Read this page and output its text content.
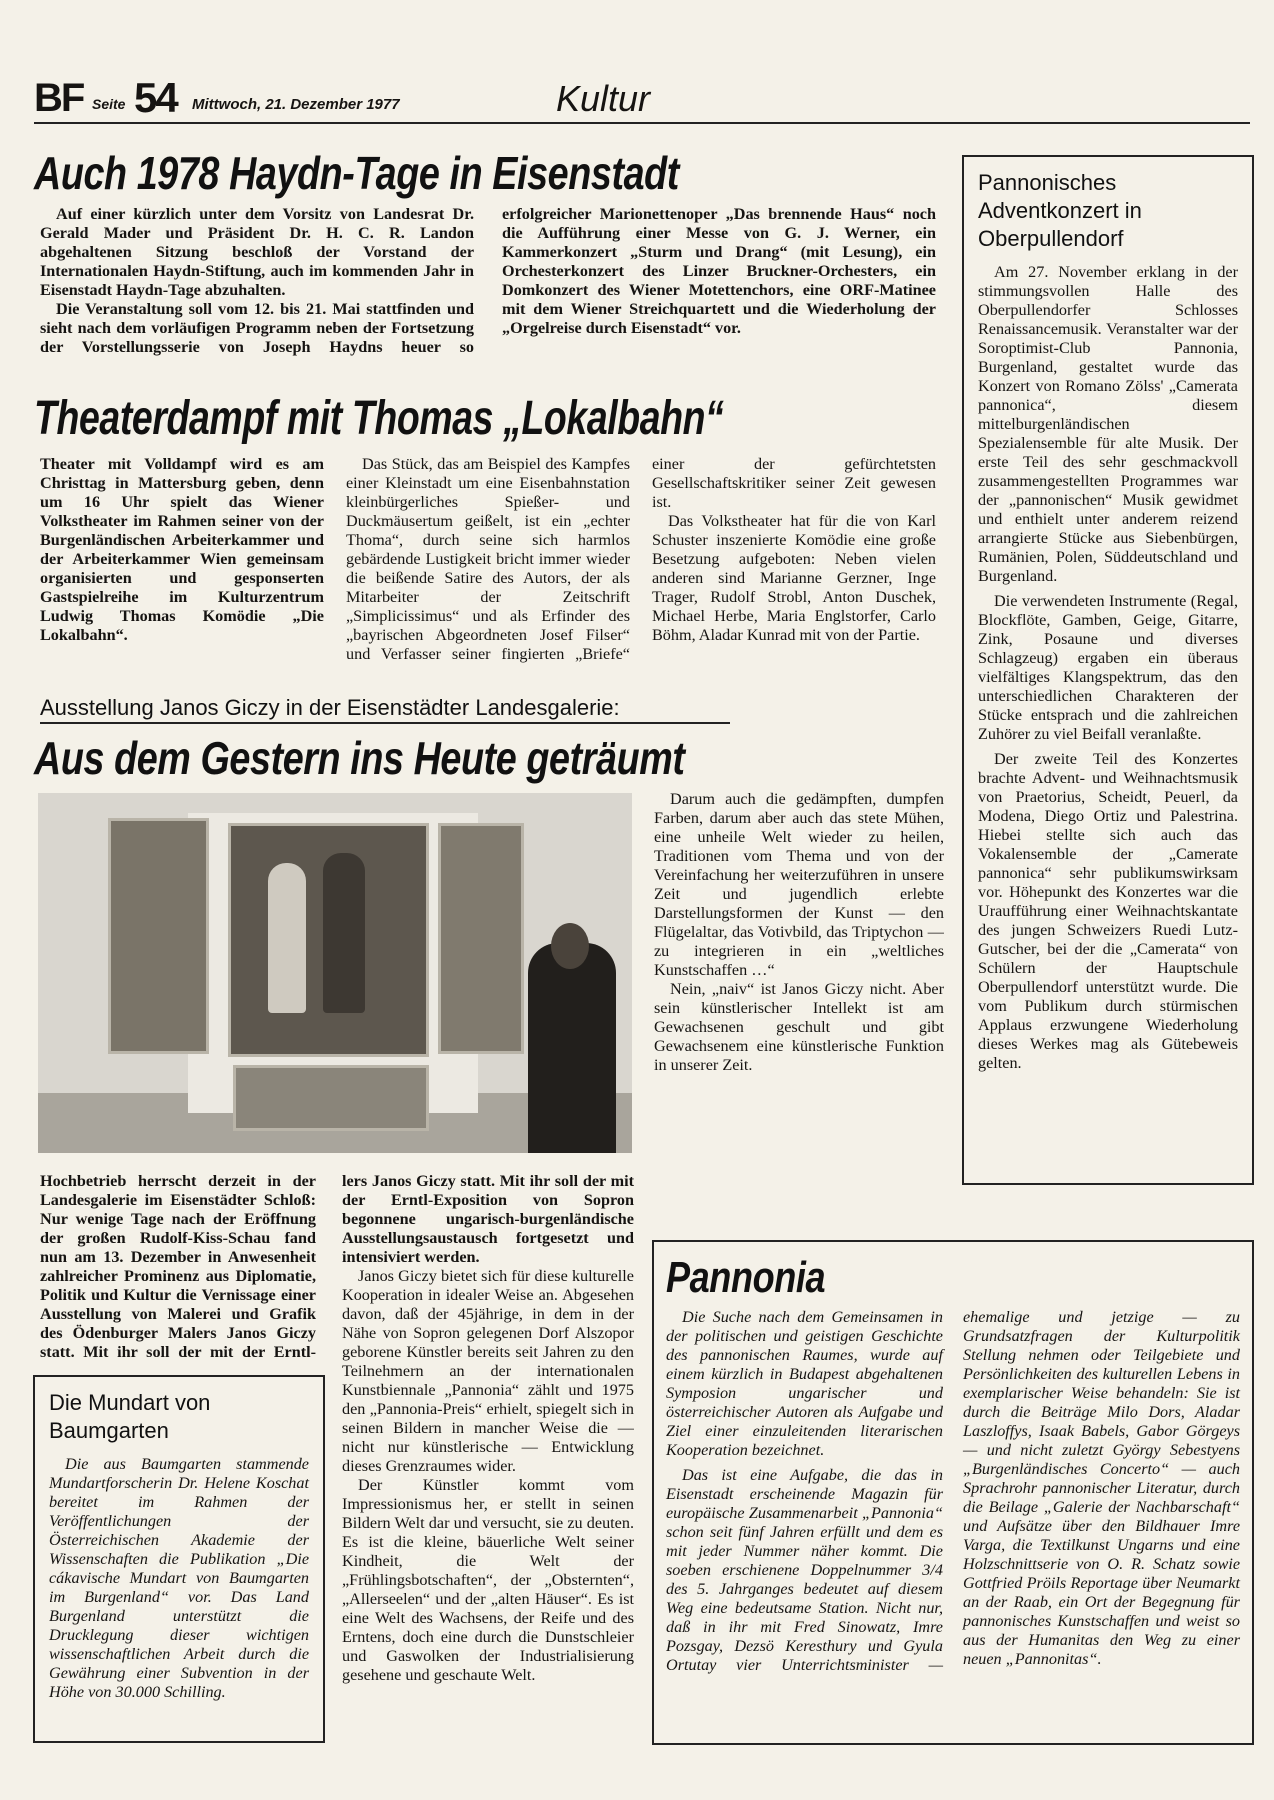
BF Seite 54 Mittwoch, 21. Dezember 1977	Kultur
Auch 1978 Haydn-Tage in Eisenstadt

Auf einer kürzlich unter dem Vorsitz von Landesrat Dr. Gerald Mader und Präsident Dr. H. C. R. Landon abgehaltenen Sitzung beschloß der Vorstand der Internationalen Haydn-Stiftung, auch im kommenden Jahr in Eisenstadt Haydn-Tage abzuhalten.

Die Veranstaltung soll vom 12. bis 21. Mai stattfinden und sieht nach dem vorläufigen Programm neben der Fortsetzung der Vorstellungsserie von Joseph Haydns heuer so erfolgreicher Marionettenoper „Das brennende Haus“ noch die Aufführung einer Messe von G. J. Werner, ein Kammerkonzert „Sturm und Drang“ (mit Lesung), ein Orchesterkonzert des Linzer Bruckner-Orchesters, ein Domkonzert des Wiener Motettenchors, eine ORF-Matinee mit dem Wiener Streichquartett und die Wiederholung der „Orgelreise durch Eisenstadt“ vor.

Theaterdampf mit Thomas „Lokalbahn“

Theater mit Volldampf wird es am Christtag in Mattersburg geben, denn um 16 Uhr spielt das Wiener Volkstheater im Rahmen seiner von der Burgenländischen Arbeiterkammer und der Arbeiterkammer Wien gemeinsam organisierten und gesponserten Gastspielreihe im Kulturzentrum Ludwig Thomas Komödie „Die Lokalbahn“.

Das Stück, das am Beispiel des Kampfes einer Kleinstadt um eine Eisenbahnstation kleinbürgerliches Spießer- und Duckmäusertum geißelt, ist ein „echter Thoma“, durch seine sich harmlos gebärdende Lustigkeit bricht immer wieder die beißende Satire des Autors, der als Mitarbeiter der Zeitschrift „Simplicissimus“ und als Erfinder des „bayrischen Abgeordneten Josef Filser“ und Verfasser seiner fingierten „Briefe“ einer der gefürchtetsten Gesellschaftskritiker seiner Zeit gewesen ist.

Das Volkstheater hat für die von Karl Schuster inszenierte Komödie eine große Besetzung aufgeboten: Neben vielen anderen sind Marianne Gerzner, Inge Trager, Rudolf Strobl, Anton Duschek, Michael Herbe, Maria Englstorfer, Carlo Böhm, Aladar Kunrad mit von der Partie.

Ausstellung Janos Giczy in der Eisenstädter Landesgalerie:
Aus dem Gestern ins Heute geträumt

Hochbetrieb herrscht derzeit in der Landesgalerie im Eisenstädter Schloß: Nur wenige Tage nach der Eröffnung der großen Rudolf-Kiss-Schau fand nun am 13. Dezember in Anwesenheit zahlreicher Prominenz aus Diplomatie, Politik und Kultur die Vernissage einer Ausstellung von Malerei und Grafik des Ödenburger Malers Janos Giczy statt. Mit ihr soll der mit der Erntl-

lers Janos Giczy statt. Mit ihr soll der mit der Erntl-Exposition von Sopron begonnene ungarisch-burgenländische Ausstellungsaustausch fortgesetzt und intensiviert werden.

Janos Giczy bietet sich für diese kulturelle Kooperation in idealer Weise an. Abgesehen davon, daß der 45jährige, in dem in der Nähe von Sopron gelegenen Dorf Alszopor geborene Künstler bereits seit Jahren zu den Teilnehmern an der internationalen Kunstbiennale „Pannonia“ zählt und 1975 den „Pannonia-Preis“ erhielt, spiegelt sich in seinen Bildern in mancher Weise die — nicht nur künstlerische — Entwicklung dieses Grenzraumes wider.

Der Künstler kommt vom Impressionismus her, er stellt in seinen Bildern Welt dar und versucht, sie zu deuten. Es ist die kleine, bäuerliche Welt seiner Kindheit, die Welt der „Frühlingsbotschaften“, der „Obsternten“, „Allerseelen“ und der „alten Häuser“. Es ist eine Welt des Wachsens, der Reife und des Erntens, doch eine durch die Dunstschleier und Gaswolken der Industrialisierung gesehene und geschaute Welt.

Darum auch die gedämpften, dumpfen Farben, darum aber auch das stete Mühen, eine unheile Welt wieder zu heilen, Traditionen vom Thema und von der Vereinfachung her weiterzuführen in unsere Zeit und jugendlich erlebte Darstellungsformen der Kunst — den Flügelaltar, das Votivbild, das Triptychon — zu integrieren in ein „weltliches Kunstschaffen …“

Nein, „naiv“ ist Janos Giczy nicht. Aber sein künstlerischer Intellekt ist am Gewachsenen geschult und gibt Gewachsenem eine künstlerische Funktion in unserer Zeit.

Pannonisches Adventkonzert in Oberpullendorf

Am 27. November erklang in der stimmungsvollen Halle des Oberpullendorfer Schlosses Renaissancemusik. Veranstalter war der Soroptimist-Club Pannonia, Burgenland, gestaltet wurde das Konzert von Romano Zölss' „Camerata pannonica“, diesem mittelburgenländischen Spezialensemble für alte Musik. Der erste Teil des sehr geschmackvoll zusammengestellten Programmes war der „pannonischen“ Musik gewidmet und enthielt unter anderem reizend arrangierte Stücke aus Siebenbürgen, Rumänien, Polen, Süddeutschland und Burgenland.

Die verwendeten Instrumente (Regal, Blockflöte, Gamben, Geige, Gitarre, Zink, Posaune und diverses Schlagzeug) ergaben ein überaus vielfältiges Klangspektrum, das den unterschiedlichen Charakteren der Stücke entsprach und die zahlreichen Zuhörer zu viel Beifall veranlaßte.

Der zweite Teil des Konzertes brachte Advent- und Weihnachtsmusik von Praetorius, Scheidt, Peuerl, da Modena, Diego Ortiz und Palestrina. Hiebei stellte sich auch das Vokalensemble der „Camerate pannonica“ sehr publikumswirksam vor. Höhepunkt des Konzertes war die Uraufführung einer Weihnachtskantate des jungen Schweizers Ruedi Lutz-Gutscher, bei der die „Camerata“ von Schülern der Hauptschule Oberpullendorf unterstützt wurde. Die vom Publikum durch stürmischen Applaus erzwungene Wiederholung dieses Werkes mag als Gütebeweis gelten.

Die Mundart von Baumgarten

Die aus Baumgarten stammende Mundartforscherin Dr. Helene Koschat bereitet im Rahmen der Veröffentlichungen der Österreichischen Akademie der Wissenschaften die Publikation „Die cákavische Mundart von Baumgarten im Burgenland“ vor. Das Land Burgenland unterstützt die Drucklegung dieser wichtigen wissenschaftlichen Arbeit durch die Gewährung einer Subvention in der Höhe von 30.000 Schilling.

Pannonia

Die Suche nach dem Gemeinsamen in der politischen und geistigen Geschichte des pannonischen Raumes, wurde auf einem kürzlich in Budapest abgehaltenen Symposion ungarischer und österreichischer Autoren als Aufgabe und Ziel einer einzuleitenden literarischen Kooperation bezeichnet.

Das ist eine Aufgabe, die das in Eisenstadt erscheinende Magazin für europäische Zusammenarbeit „Pannonia“ schon seit fünf Jahren erfüllt und dem es mit jeder Nummer näher kommt. Die soeben erschienene Doppelnummer 3/4 des 5. Jahrganges bedeutet auf diesem Weg eine bedeutsame Station. Nicht nur, daß in ihr mit Fred Sinowatz, Imre Pozsgay, Dezsö Keresthury und Gyula Ortutay vier Unterrichtsminister — ehemalige und jetzige — zu Grundsatzfragen der Kulturpolitik Stellung nehmen oder Teilgebiete und Persönlichkeiten des kulturellen Lebens in exemplarischer Weise behandeln: Sie ist durch die Beiträge Milo Dors, Aladar Laszloffys, Isaak Babels, Gabor Görgeys — und nicht zuletzt György Sebestyens „Burgenländisches Concerto“ — auch Sprachrohr pannonischer Literatur, durch die Beilage „Galerie der Nachbarschaft“ und Aufsätze über den Bildhauer Imre Varga, die Textilkunst Ungarns und eine Holzschnittserie von O. R. Schatz sowie Gottfried Pröils Reportage über Neumarkt an der Raab, ein Ort der Begegnung für pannonisches Kunstschaffen und weist so aus der Humanitas den Weg zu einer neuen „Pannonitas“.
